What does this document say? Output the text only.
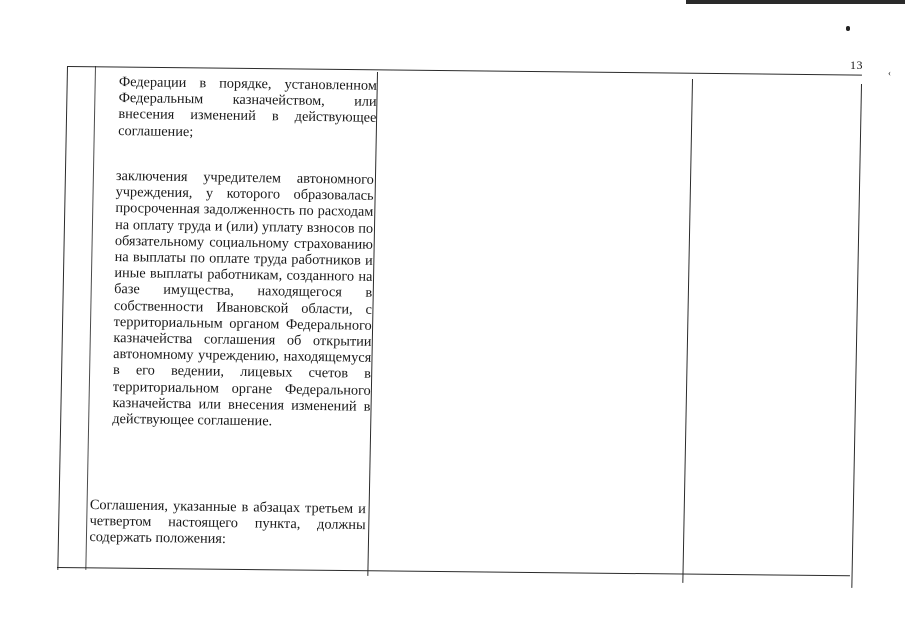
‹
13

Федерации в порядке, установленном Федеральным казначейством, или внесения изменений в действующее соглашение;

заключения учредителем автономного учреждения, у которого образовалась просроченная задолженность по расходам на оплату труда и (или) уплату взносов по обязательному социальному страхованию на выплаты по оплате труда работников и иные выплаты работникам, созданного на базе имущества, находящегося в собственности Ивановской области, с территориальным органом Федерального казначейства соглашения об открытии автономному учреждению, находящемуся в его ведении, лицевых счетов в территориальном органе Федерального казначейства или внесения изменений в действующее соглашение.

Соглашения, указанные в абзацах третьем и четвертом настоящего пункта, должны содержать положения:
